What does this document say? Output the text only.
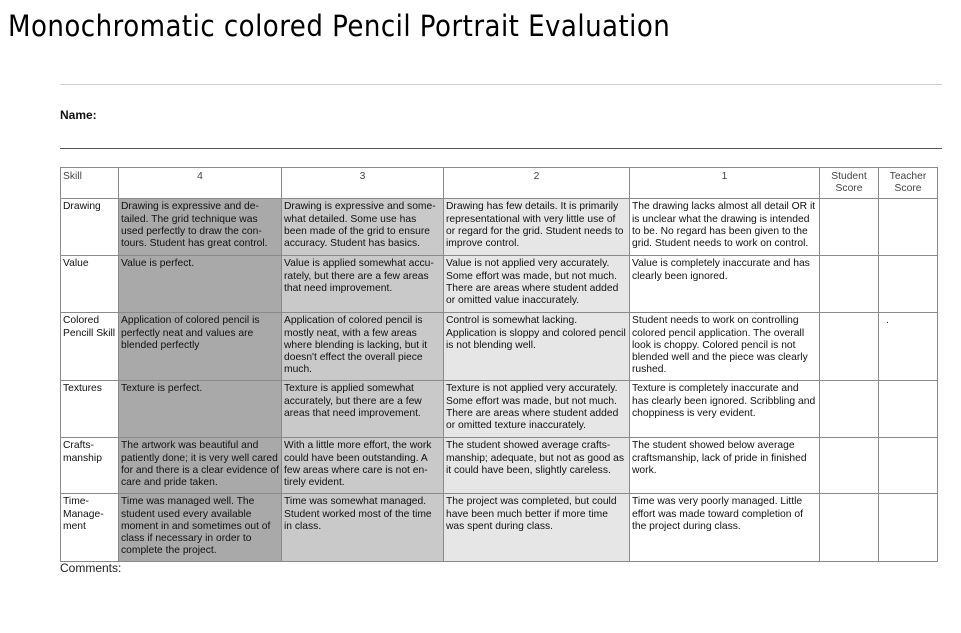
Monochromatic colored Pencil Portrait Evaluation
Name:
Skill	4	3	2	1	Student Score	Teacher Score
Drawing	Drawing is expressive and de- tailed. The grid technique was used perfectly to draw the con- tours. Student has great control.	Drawing is expressive and some- what detailed. Some use has been made of the grid to ensure accuracy. Student has basics.	Drawing has few details. It is primarily representational with very little use of or regard for the grid. Student needs to improve control.	The drawing lacks almost all detail OR it is unclear what the drawing is intended to be. No regard has been given to the grid. Student needs to work on control.		
Value	Value is perfect.	Value is applied somewhat accu- rately, but there are a few areas that need improvement.	Value is not applied very accurately. Some effort was made, but not much. There are areas where student added or omitted value inaccurately.	Value is completely inaccurate and has clearly been ignored.		
Colored Pencill Skill	Application of colored pencil is perfectly neat and values are blended perfectly	Application of colored pencil is mostly neat, with a few areas where blending is lacking, but it doesn't effect the overall piece much.	Control is somewhat lacking. Application is sloppy and colored pencil is not blending well.	Student needs to work on controlling colored pencil application. The overall look is choppy. Colored pencil is not blended well and the piece was clearly rushed.		.
Textures	Texture is perfect.	Texture is applied somewhat accurately, but there are a few areas that need improvement.	Texture is not applied very accurately. Some effort was made, but not much. There are areas where student added or omitted texture inaccurately.	Texture is completely inaccurate and has clearly been ignored. Scribbling and choppiness is very evident.		
Crafts- manship	The artwork was beautiful and patiently done; it is very well cared for and there is a clear evidence of care and pride taken.	With a little more effort, the work could have been outstanding. A few areas where care is not en- tirely evident.	The student showed average crafts- manship; adequate, but not as good as it could have been, slightly careless.	The student showed below average craftsmanship, lack of pride in finished work.		
Time- Manage- ment	Time was managed well. The student used every available moment in and sometimes out of class if necessary in order to complete the project.	Time was somewhat managed. Student worked most of the time in class.	The project was completed, but could have been much better if more time was spent during class.	Time was very poorly managed. Little effort was made toward completion of the project during class.		
Comments:
